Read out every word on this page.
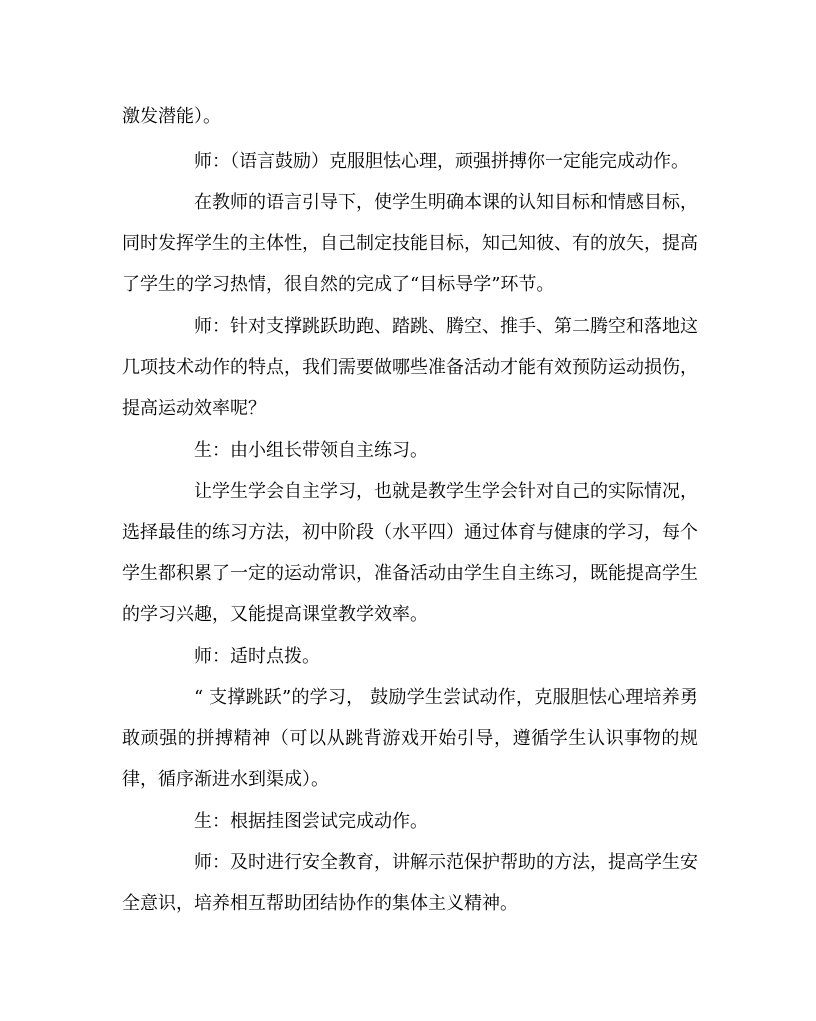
激发潜能）。

师：（语言鼓励）克服胆怯心理，顽强拼搏你一定能完成动作。

在教师的语言引导下，使学生明确本课的认知目标和情感目标，同时发挥学生的主体性，自己制定技能目标，知己知彼、有的放矢，提高了学生的学习热情，很自然的完成了“目标导学”环节。

师：针对支撑跳跃助跑、踏跳、腾空、推手、第二腾空和落地这几项技术动作的特点，我们需要做哪些准备活动才能有效预防运动损伤，提高运动效率呢？

生：由小组长带领自主练习。

让学生学会自主学习，也就是教学生学会针对自己的实际情况，选择最佳的练习方法，初中阶段（水平四）通过体育与健康的学习，每个学生都积累了一定的运动常识，准备活动由学生自主练习，既能提高学生的学习兴趣，又能提高课堂教学效率。

师：适时点拨。

“ 支撑跳跃”的学习， 鼓励学生尝试动作，克服胆怯心理培养勇敢顽强的拼搏精神（可以从跳背游戏开始引导，遵循学生认识事物的规律，循序渐进水到渠成）。

生：根据挂图尝试完成动作。

师：及时进行安全教育，讲解示范保护帮助的方法，提高学生安全意识，培养相互帮助团结协作的集体主义精神。
